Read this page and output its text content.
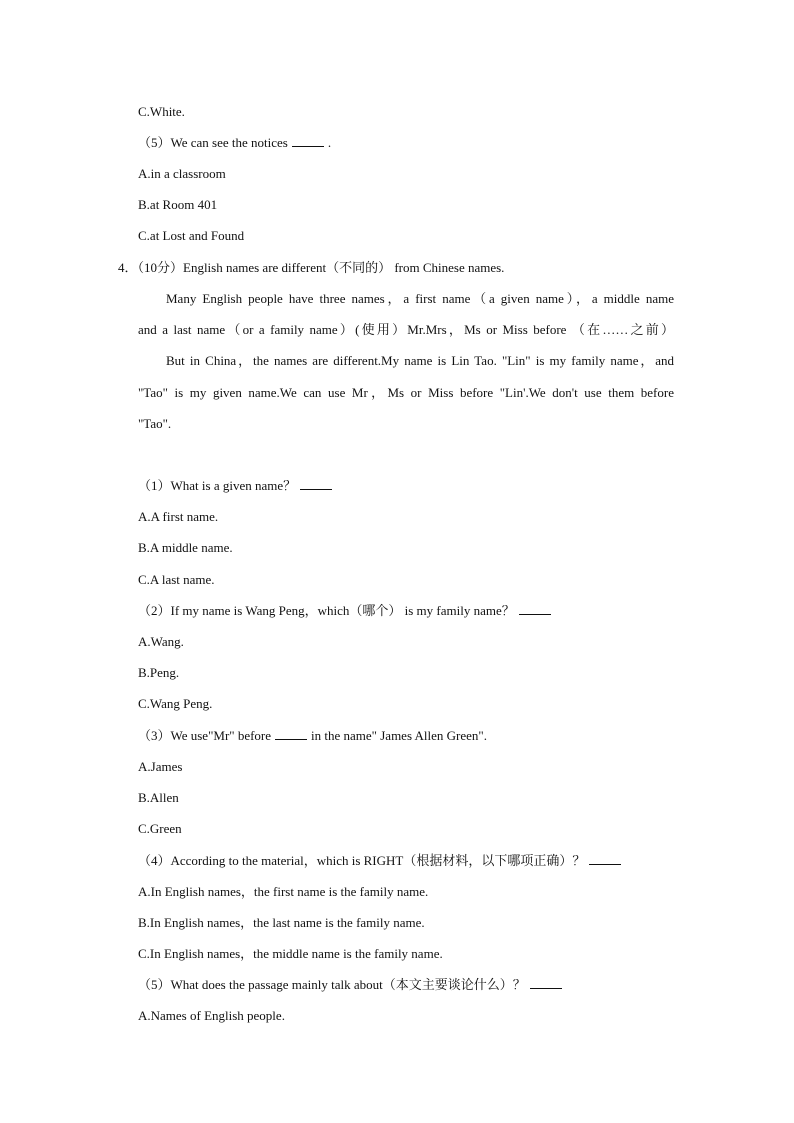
C.White.
（5）We can see the notices	.
A.in a classroom
B.at Room 401
C.at Lost and Found
4．（10分）English names are different（不同的） from Chinese names.
Many English people have three names，a first name（a given name），a middle name
and a last name（or a family name）(使用）Mr.Mrs，Ms or Miss before （在……之前）
But in China，the names are different.My name is Lin Tao. "Lin" is my family name，and
"Tao" is my given name.We can use Mr，Ms or Miss before "Lin'.We don't use them before
"Tao".
（1）What is a given name？
A.A first name.
B.A middle name.
C.A last name.
（2）If my name is Wang Peng，which（哪个） is my family name？
A.Wang.
B.Peng.
C.Wang Peng.
（3）We use"Mr" before	in the name" James Allen Green".
A.James
B.Allen
C.Green
（4）According to the material，which is RIGHT（根据材料，以下哪项正确）？
A.In English names，the first name is the family name.
B.In English names，the last name is the family name.
C.In English names，the middle name is the family name.
（5）What does the passage mainly talk about（本文主要谈论什么）？
A.Names of English people.
